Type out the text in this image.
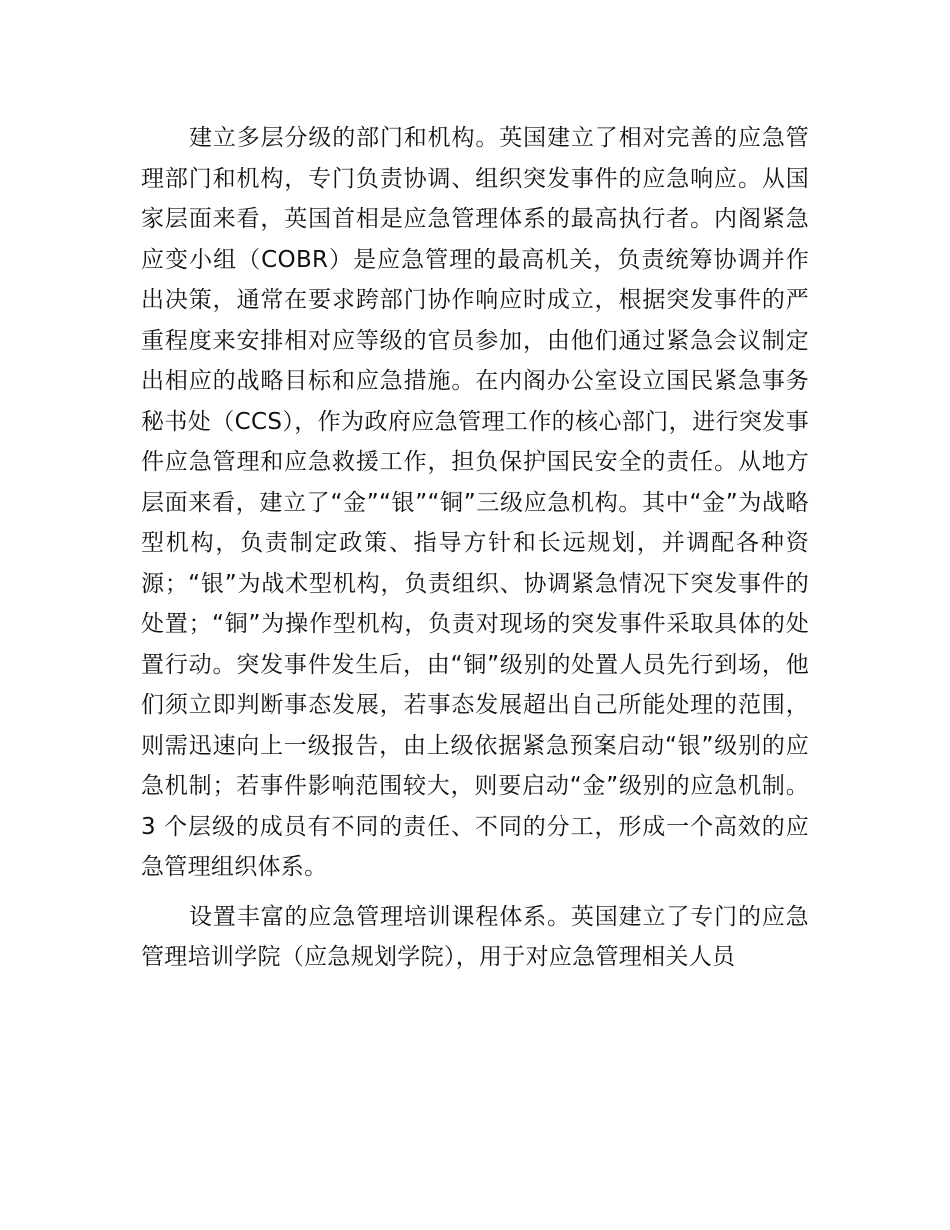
建立多层分级的部门和机构。英国建立了相对完善的应急管理部门和机构，专门负责协调、组织突发事件的应急响应。从国家层面来看，英国首相是应急管理体系的最高执行者。内阁紧急应变小组（COBR）是应急管理的最高机关，负责统筹协调并作出决策，通常在要求跨部门协作响应时成立，根据突发事件的严重程度来安排相对应等级的官员参加，由他们通过紧急会议制定出相应的战略目标和应急措施。在内阁办公室设立国民紧急事务秘书处（CCS），作为政府应急管理工作的核心部门，进行突发事件应急管理和应急救援工作，担负保护国民安全的责任。从地方层面来看，建立了“金”“银”“铜”三级应急机构。其中“金”为战略型机构，负责制定政策、指导方针和长远规划，并调配各种资源；“银”为战术型机构，负责组织、协调紧急情况下突发事件的处置；“铜”为操作型机构，负责对现场的突发事件采取具体的处置行动。突发事件发生后，由“铜”级别的处置人员先行到场，他们须立即判断事态发展，若事态发展超出自己所能处理的范围，则需迅速向上一级报告，由上级依据紧急预案启动“银”级别的应急机制；若事件影响范围较大，则要启动“金”级别的应急机制。3 个层级的成员有不同的责任、不同的分工，形成一个高效的应急管理组织体系。

设置丰富的应急管理培训课程体系。英国建立了专门的应急管理培训学院（应急规划学院），用于对应急管理相关人员
